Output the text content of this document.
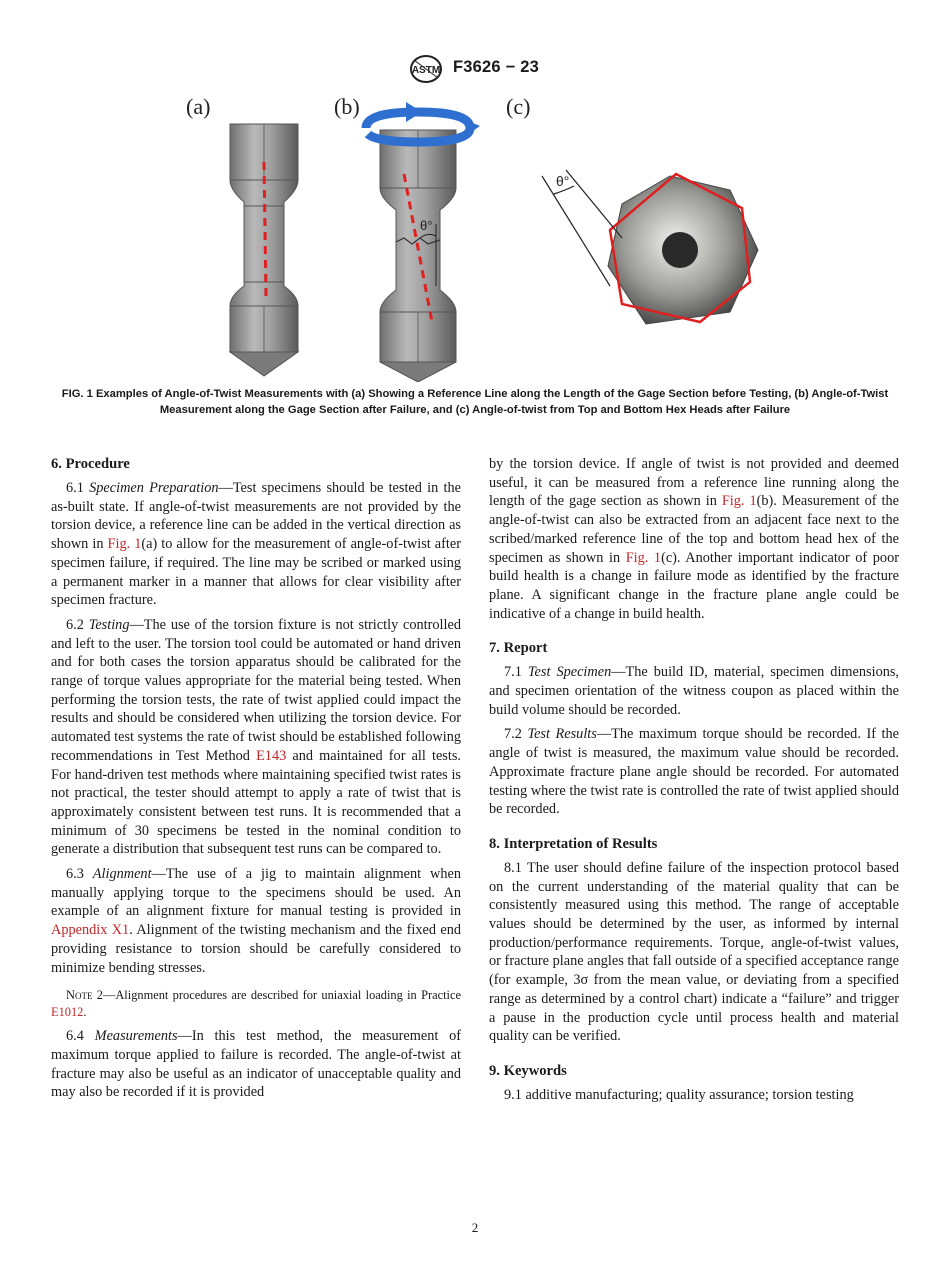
ASTM F3626 − 23
(a)	(b)	(c)
θ°
θ°
FIG. 1 Examples of Angle-of-Twist Measurements with (a) Showing a Reference Line along the Length of the Gage Section before Testing, (b) Angle-of-Twist Measurement along the Gage Section after Failure, and (c) Angle-of-twist from Top and Bottom Hex Heads after Failure
6. Procedure

6.1 Specimen Preparation—Test specimens should be tested in the as-built state. If angle-of-twist measurements are not provided by the torsion device, a reference line can be added in the vertical direction as shown in Fig. 1(a) to allow for the measurement of angle-of-twist after specimen failure, if required. The line may be scribed or marked using a permanent marker in a manner that allows for clear visibility after specimen fracture.

6.2 Testing—The use of the torsion fixture is not strictly controlled and left to the user. The torsion tool could be automated or hand driven and for both cases the torsion apparatus should be calibrated for the range of torque values appropriate for the material being tested. When performing the torsion tests, the rate of twist applied could impact the results and should be considered when utilizing the torsion device. For automated test systems the rate of twist should be established following recommendations in Test Method E143 and maintained for all tests. For hand-driven test methods where maintaining specified twist rates is not practical, the tester should attempt to apply a rate of twist that is approximately consistent between test runs. It is recommended that a minimum of 30 specimens be tested in the nominal condition to generate a distribution that subsequent test runs can be compared to.

6.3 Alignment—The use of a jig to maintain alignment when manually applying torque to the specimens should be used. An example of an alignment fixture for manual testing is provided in Appendix X1. Alignment of the twisting mechanism and the fixed end providing resistance to torsion should be carefully considered to minimize bending stresses.

Note 2—Alignment procedures are described for uniaxial loading in Practice E1012.

6.4 Measurements—In this test method, the measurement of maximum torque applied to failure is recorded. The angle-of-twist at fracture may also be useful as an indicator of unacceptable quality and may also be recorded if it is provided

by the torsion device. If angle of twist is not provided and deemed useful, it can be measured from a reference line running along the length of the gage section as shown in Fig. 1(b). Measurement of the angle-of-twist can also be extracted from an adjacent face next to the scribed/marked reference line of the top and bottom head hex of the specimen as shown in Fig. 1(c). Another important indicator of poor build health is a change in failure mode as identified by the fracture plane. A significant change in the fracture plane angle could be indicative of a change in build health.

7. Report

7.1 Test Specimen—The build ID, material, specimen dimensions, and specimen orientation of the witness coupon as placed within the build volume should be recorded.

7.2 Test Results—The maximum torque should be recorded. If the angle of twist is measured, the maximum value should be recorded. Approximate fracture plane angle should be recorded. For automated testing where the twist rate is controlled the rate of twist applied should be recorded.

8. Interpretation of Results

8.1 The user should define failure of the inspection protocol based on the current understanding of the material quality that can be consistently measured using this method. The range of acceptable values should be determined by the user, as informed by internal production/performance requirements. Torque, angle-of-twist values, or fracture plane angles that fall outside of a specified acceptance range (for example, 3σ from the mean value, or deviating from a specified range as determined by a control chart) indicate a “failure” and trigger a pause in the production cycle until process health and material quality can be verified.

9. Keywords

9.1 additive manufacturing; quality assurance; torsion testing

2
